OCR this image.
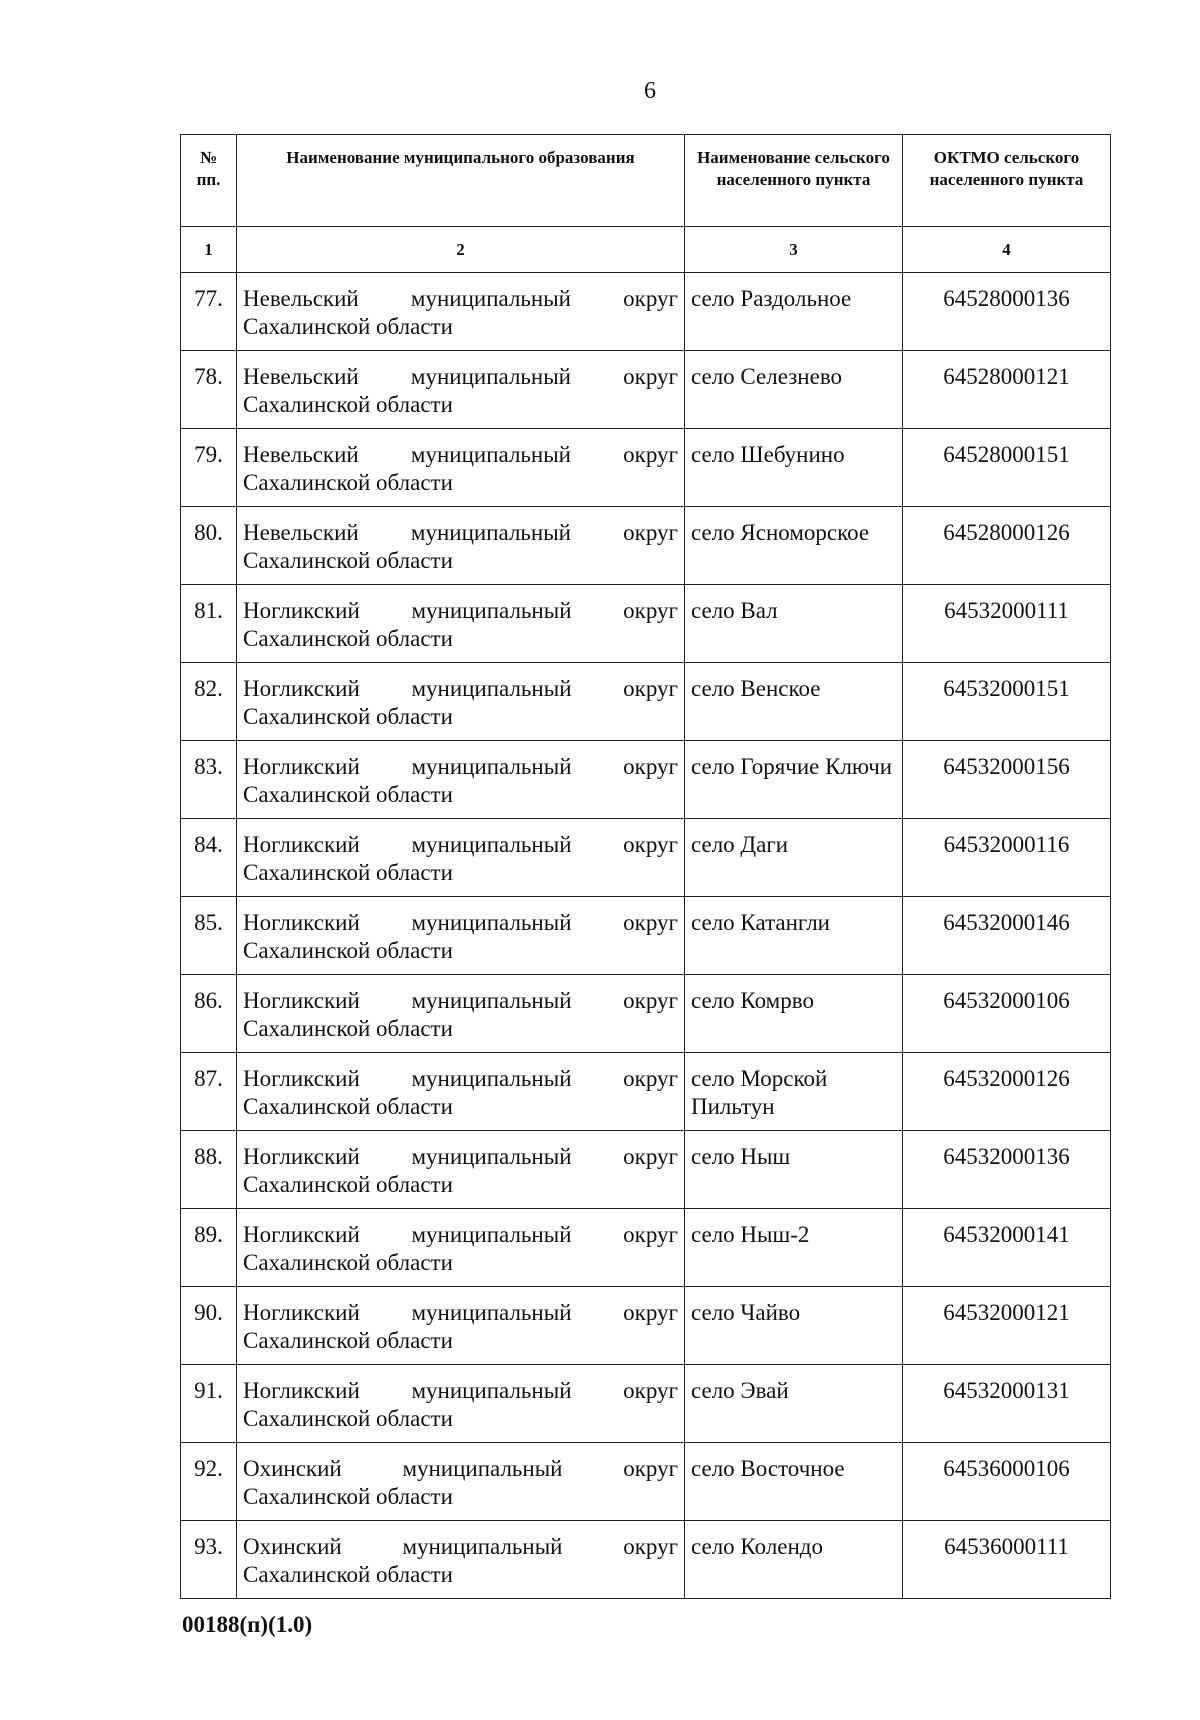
6
№ пп.	Наименование муниципального образования	Наименование сельского населенного пункта	ОКТМО сельского населенного пункта
1	2	3	4
77.	Невельский муниципальный округ Сахалинской области	село Раздольное	64528000136
78.	Невельский муниципальный округ Сахалинской области	село Селезнево	64528000121
79.	Невельский муниципальный округ Сахалинской области	село Шебунино	64528000151
80.	Невельский муниципальный округ Сахалинской области	село Ясноморское	64528000126
81.	Ногликский муниципальный округ Сахалинской области	село Вал	64532000111
82.	Ногликский муниципальный округ Сахалинской области	село Венское	64532000151
83.	Ногликский муниципальный округ Сахалинской области	село Горячие Ключи	64532000156
84.	Ногликский муниципальный округ Сахалинской области	село Даги	64532000116
85.	Ногликский муниципальный округ Сахалинской области	село Катангли	64532000146
86.	Ногликский муниципальный округ Сахалинской области	село Комрво	64532000106
87.	Ногликский муниципальный округ Сахалинской области	село Морской Пильтун	64532000126
88.	Ногликский муниципальный округ Сахалинской области	село Ныш	64532000136
89.	Ногликский муниципальный округ Сахалинской области	село Ныш-2	64532000141
90.	Ногликский муниципальный округ Сахалинской области	село Чайво	64532000121
91.	Ногликский муниципальный округ Сахалинской области	село Эвай	64532000131
92.	Охинский муниципальный округ Сахалинской области	село Восточное	64536000106
93.	Охинский муниципальный округ Сахалинской области	село Колендо	64536000111
00188(п)(1.0)
